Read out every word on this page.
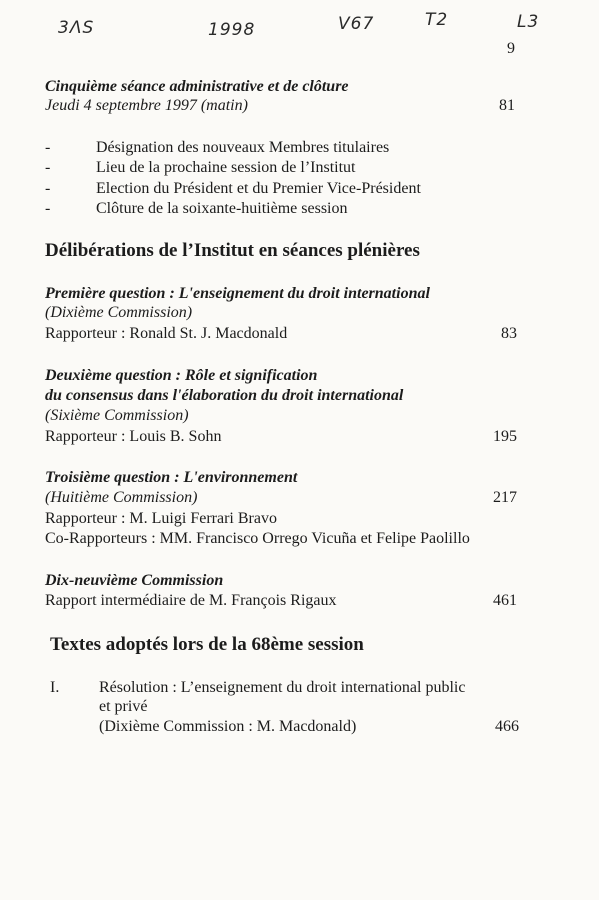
3ɅS	1998	V67	T2	L3
9
Cinquième séance administrative et de clôture
Jeudi 4 septembre 1997 (matin)	81
-	Désignation des nouveaux Membres titulaires
-	Lieu de la prochaine session de l’Institut
-	Election du Président et du Premier Vice-Président
-	Clôture de la soixante-huitième session
Délibérations de l’Institut en séances plénières
Première question : L'enseignement du droit international
(Dixième Commission)
Rapporteur : Ronald St. J. Macdonald	83
Deuxième question : Rôle et signification
du consensus dans l'élaboration du droit international
(Sixième Commission)
Rapporteur : Louis B. Sohn	195
Troisième question : L'environnement
(Huitième Commission)	217
Rapporteur : M. Luigi Ferrari Bravo
Co-Rapporteurs : MM. Francisco Orrego Vicuña et Felipe Paolillo
Dix-neuvième Commission
Rapport intermédiaire de M. François Rigaux	461
Textes adoptés lors de la 68ème session
I. Résolution : L’enseignement du droit international public
et privé
(Dixième Commission : M. Macdonald)	466
